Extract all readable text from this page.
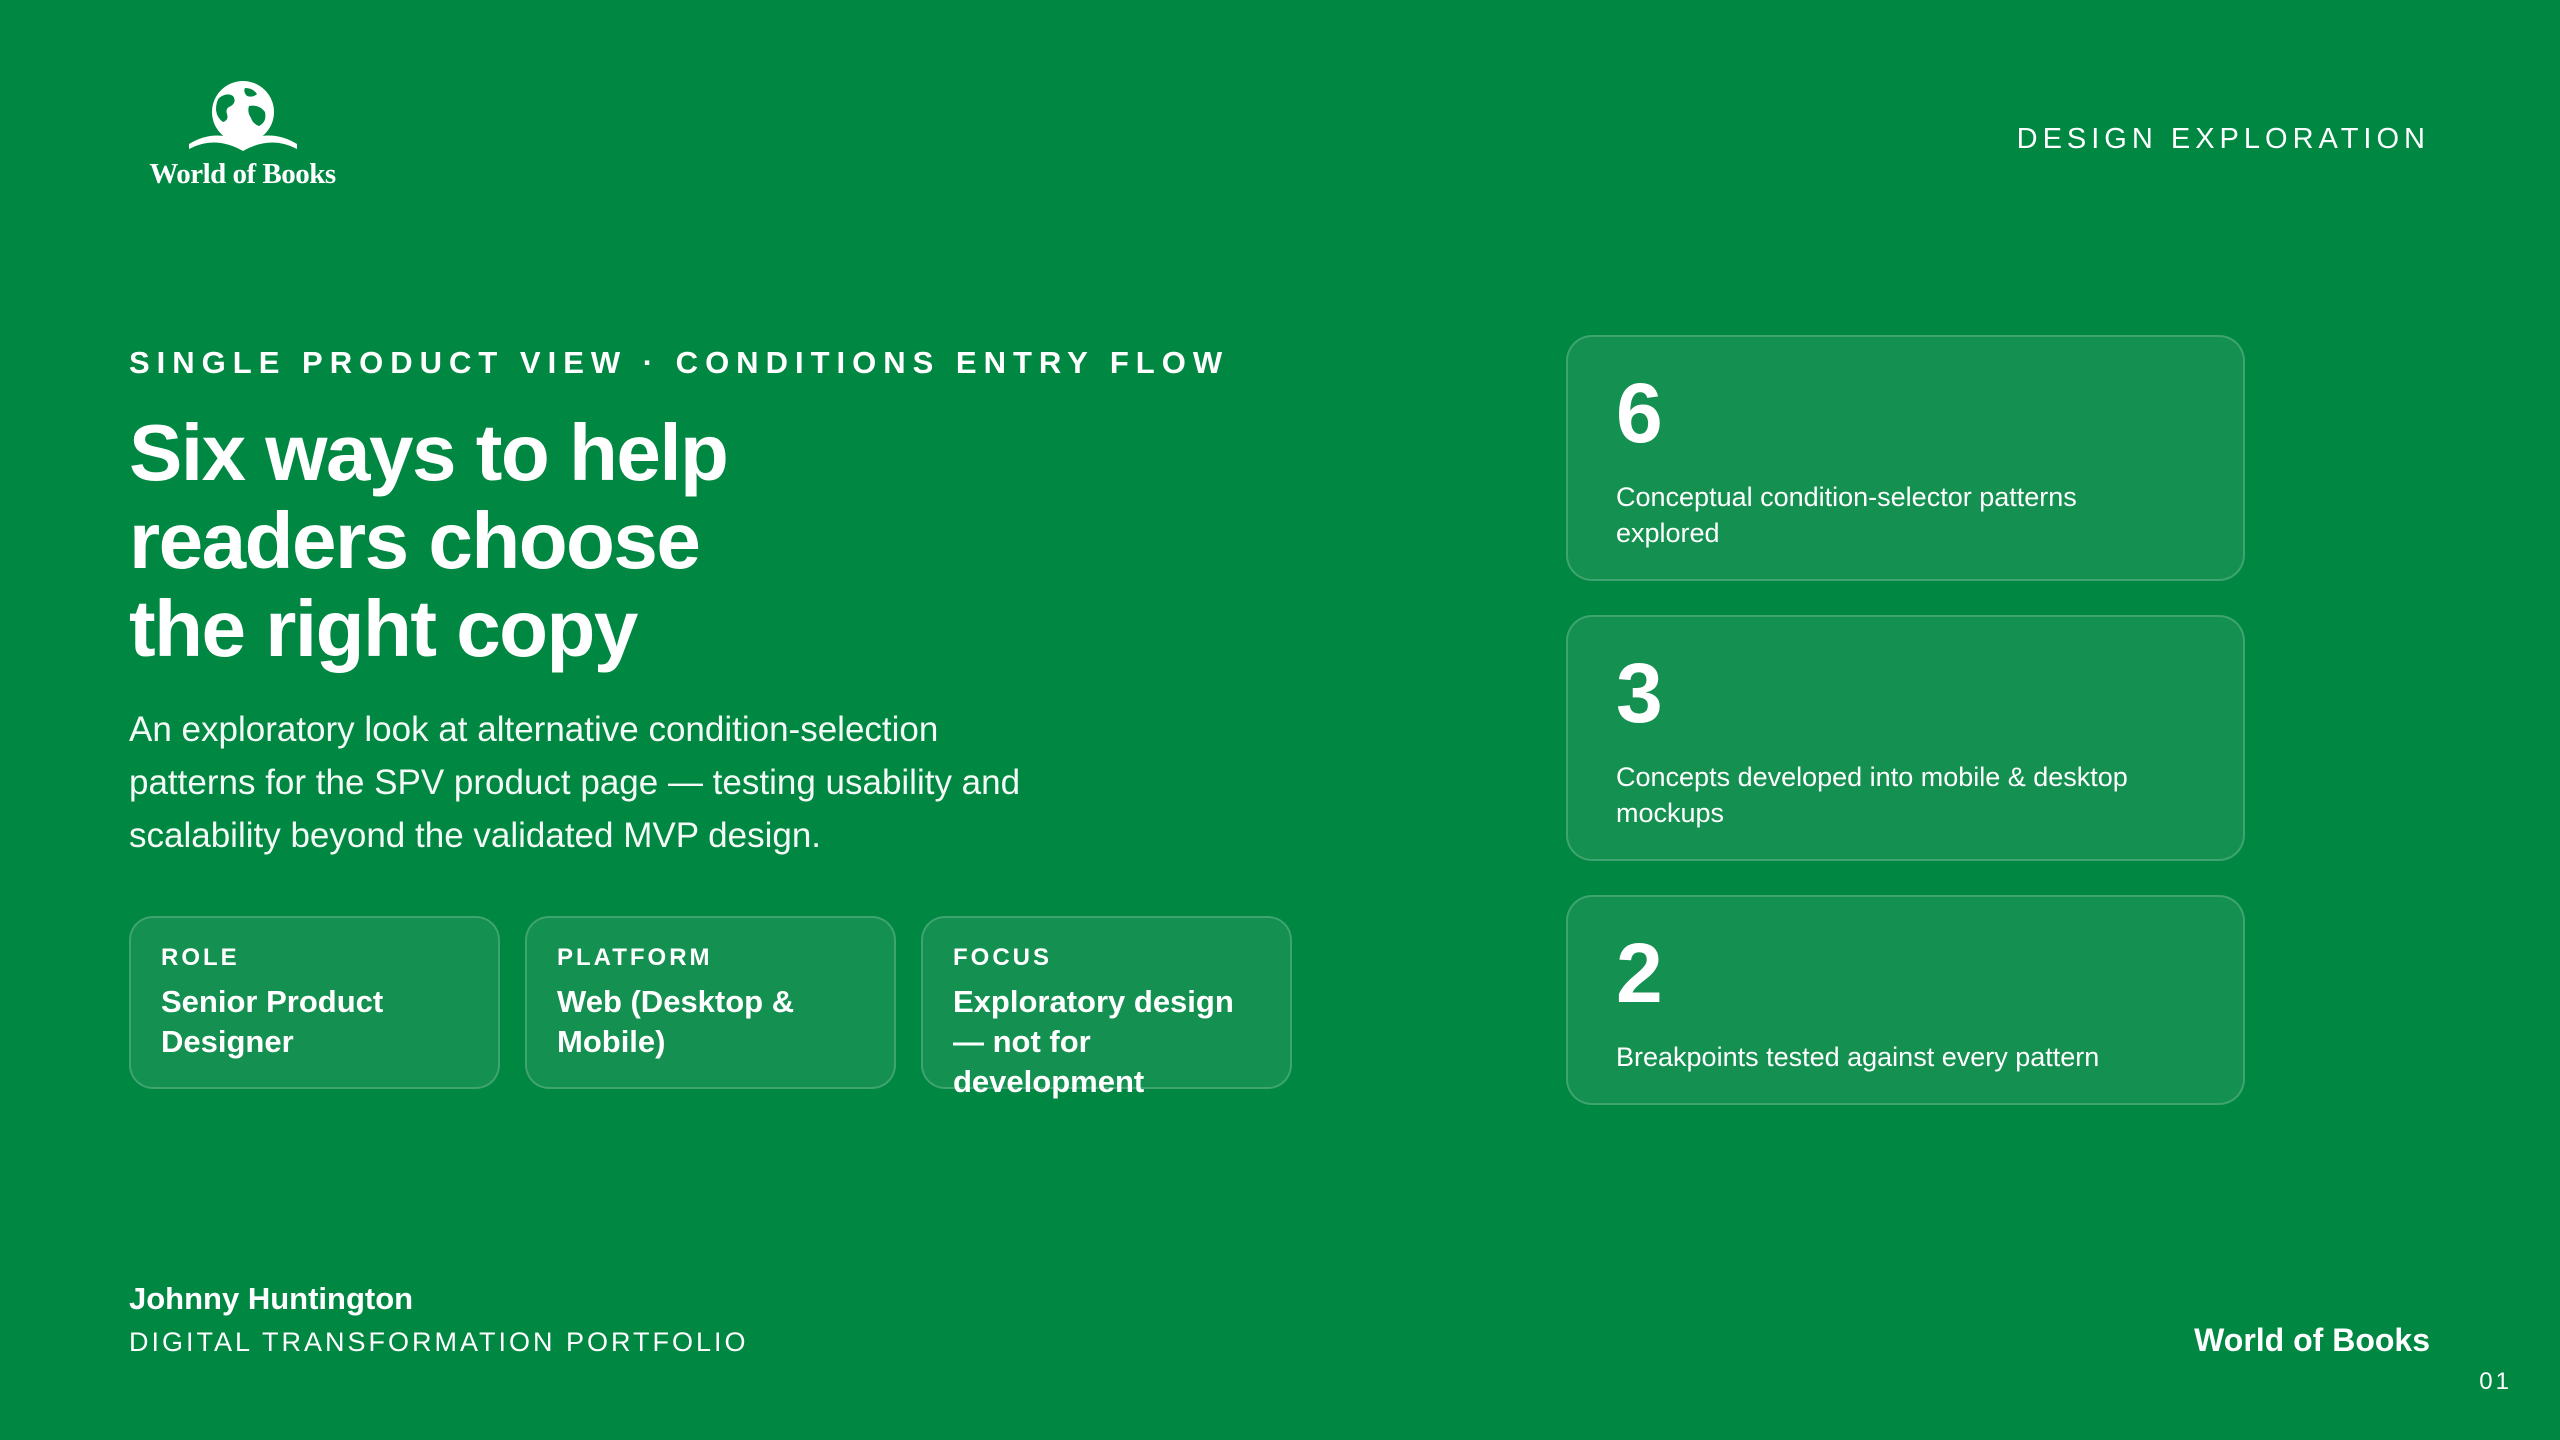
World of Books
DESIGN EXPLORATION
SINGLE PRODUCT VIEW · CONDITIONS ENTRY FLOW
Six ways to help
readers choose
the right copy

An exploratory look at alternative condition-selection patterns for the SPV product page — testing usability and scalability beyond the validated MVP design.

ROLE
Senior Product Designer
PLATFORM
Web (Desktop & Mobile)
FOCUS
Exploratory design — not for development
6
Conceptual condition-selector patterns explored
3
Concepts developed into mobile & desktop mockups
2
Breakpoints tested against every pattern
Johnny Huntington
DIGITAL TRANSFORMATION PORTFOLIO	World of Books
01
